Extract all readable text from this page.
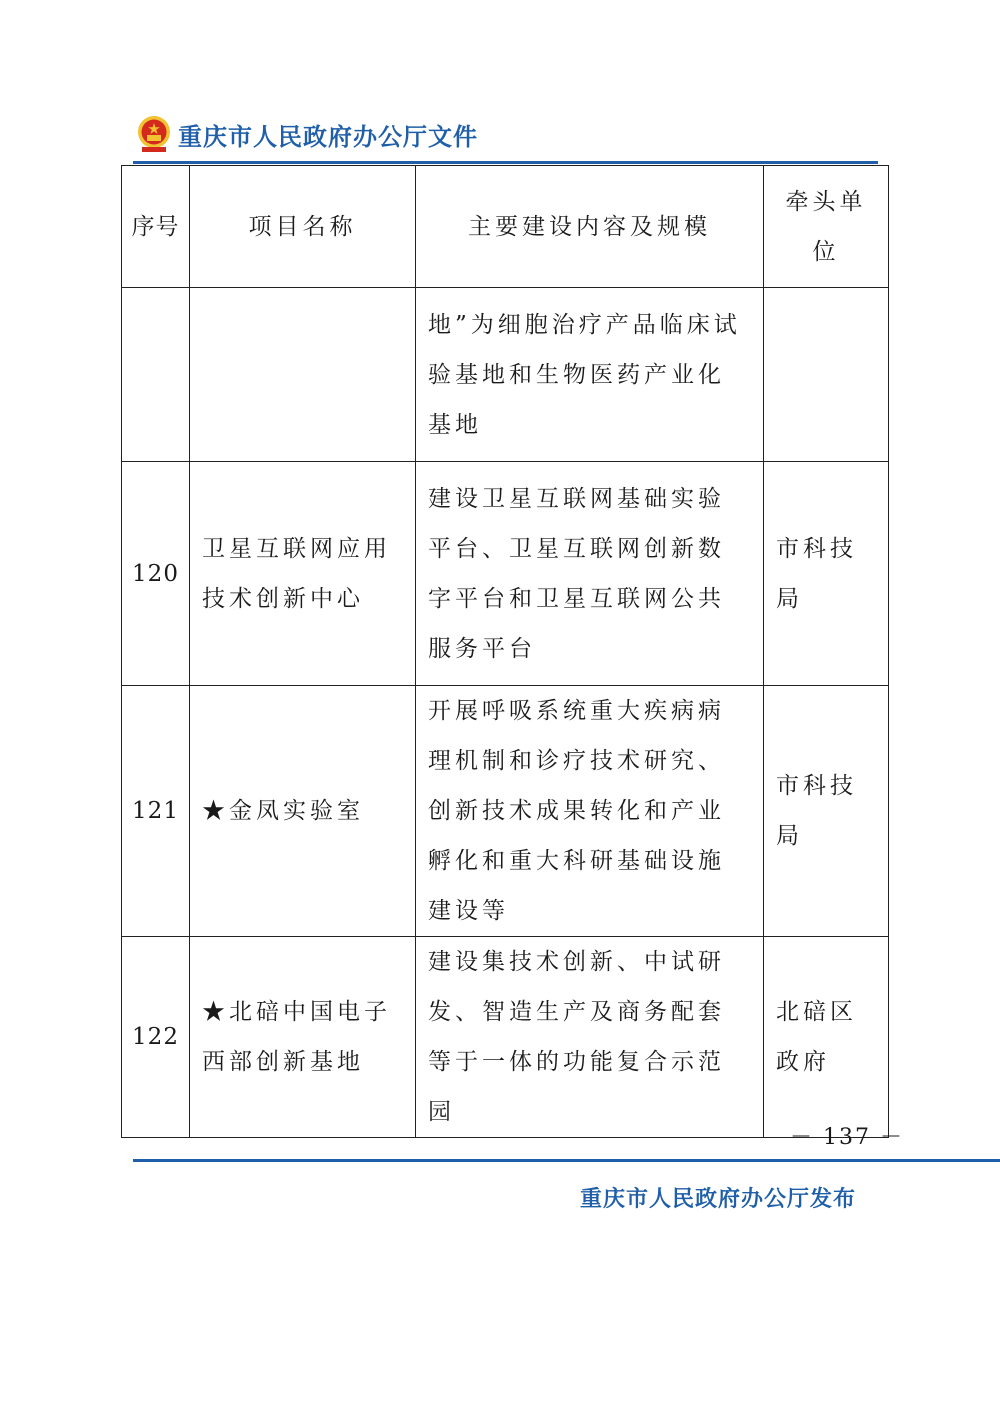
重庆市人民政府办公厅文件
序号	项目名称	主要建设内容及规模	牵头单位
		地”为细胞治疗产品临床试验基地和生物医药产业化基地	
120	卫星互联网应用技术创新中心	建设卫星互联网基础实验平台、卫星互联网创新数字平台和卫星互联网公共服务平台	市科技局
121	★金凤实验室	开展呼吸系统重大疾病病理机制和诊疗技术研究、创新技术成果转化和产业孵化和重大科研基础设施建设等	市科技局
122	★北碚中国电子西部创新基地	建设集技术创新、中试研发、智造生产及商务配套等于一体的功能复合示范园	北碚区政府
－ 137 －
重庆市人民政府办公厅发布
